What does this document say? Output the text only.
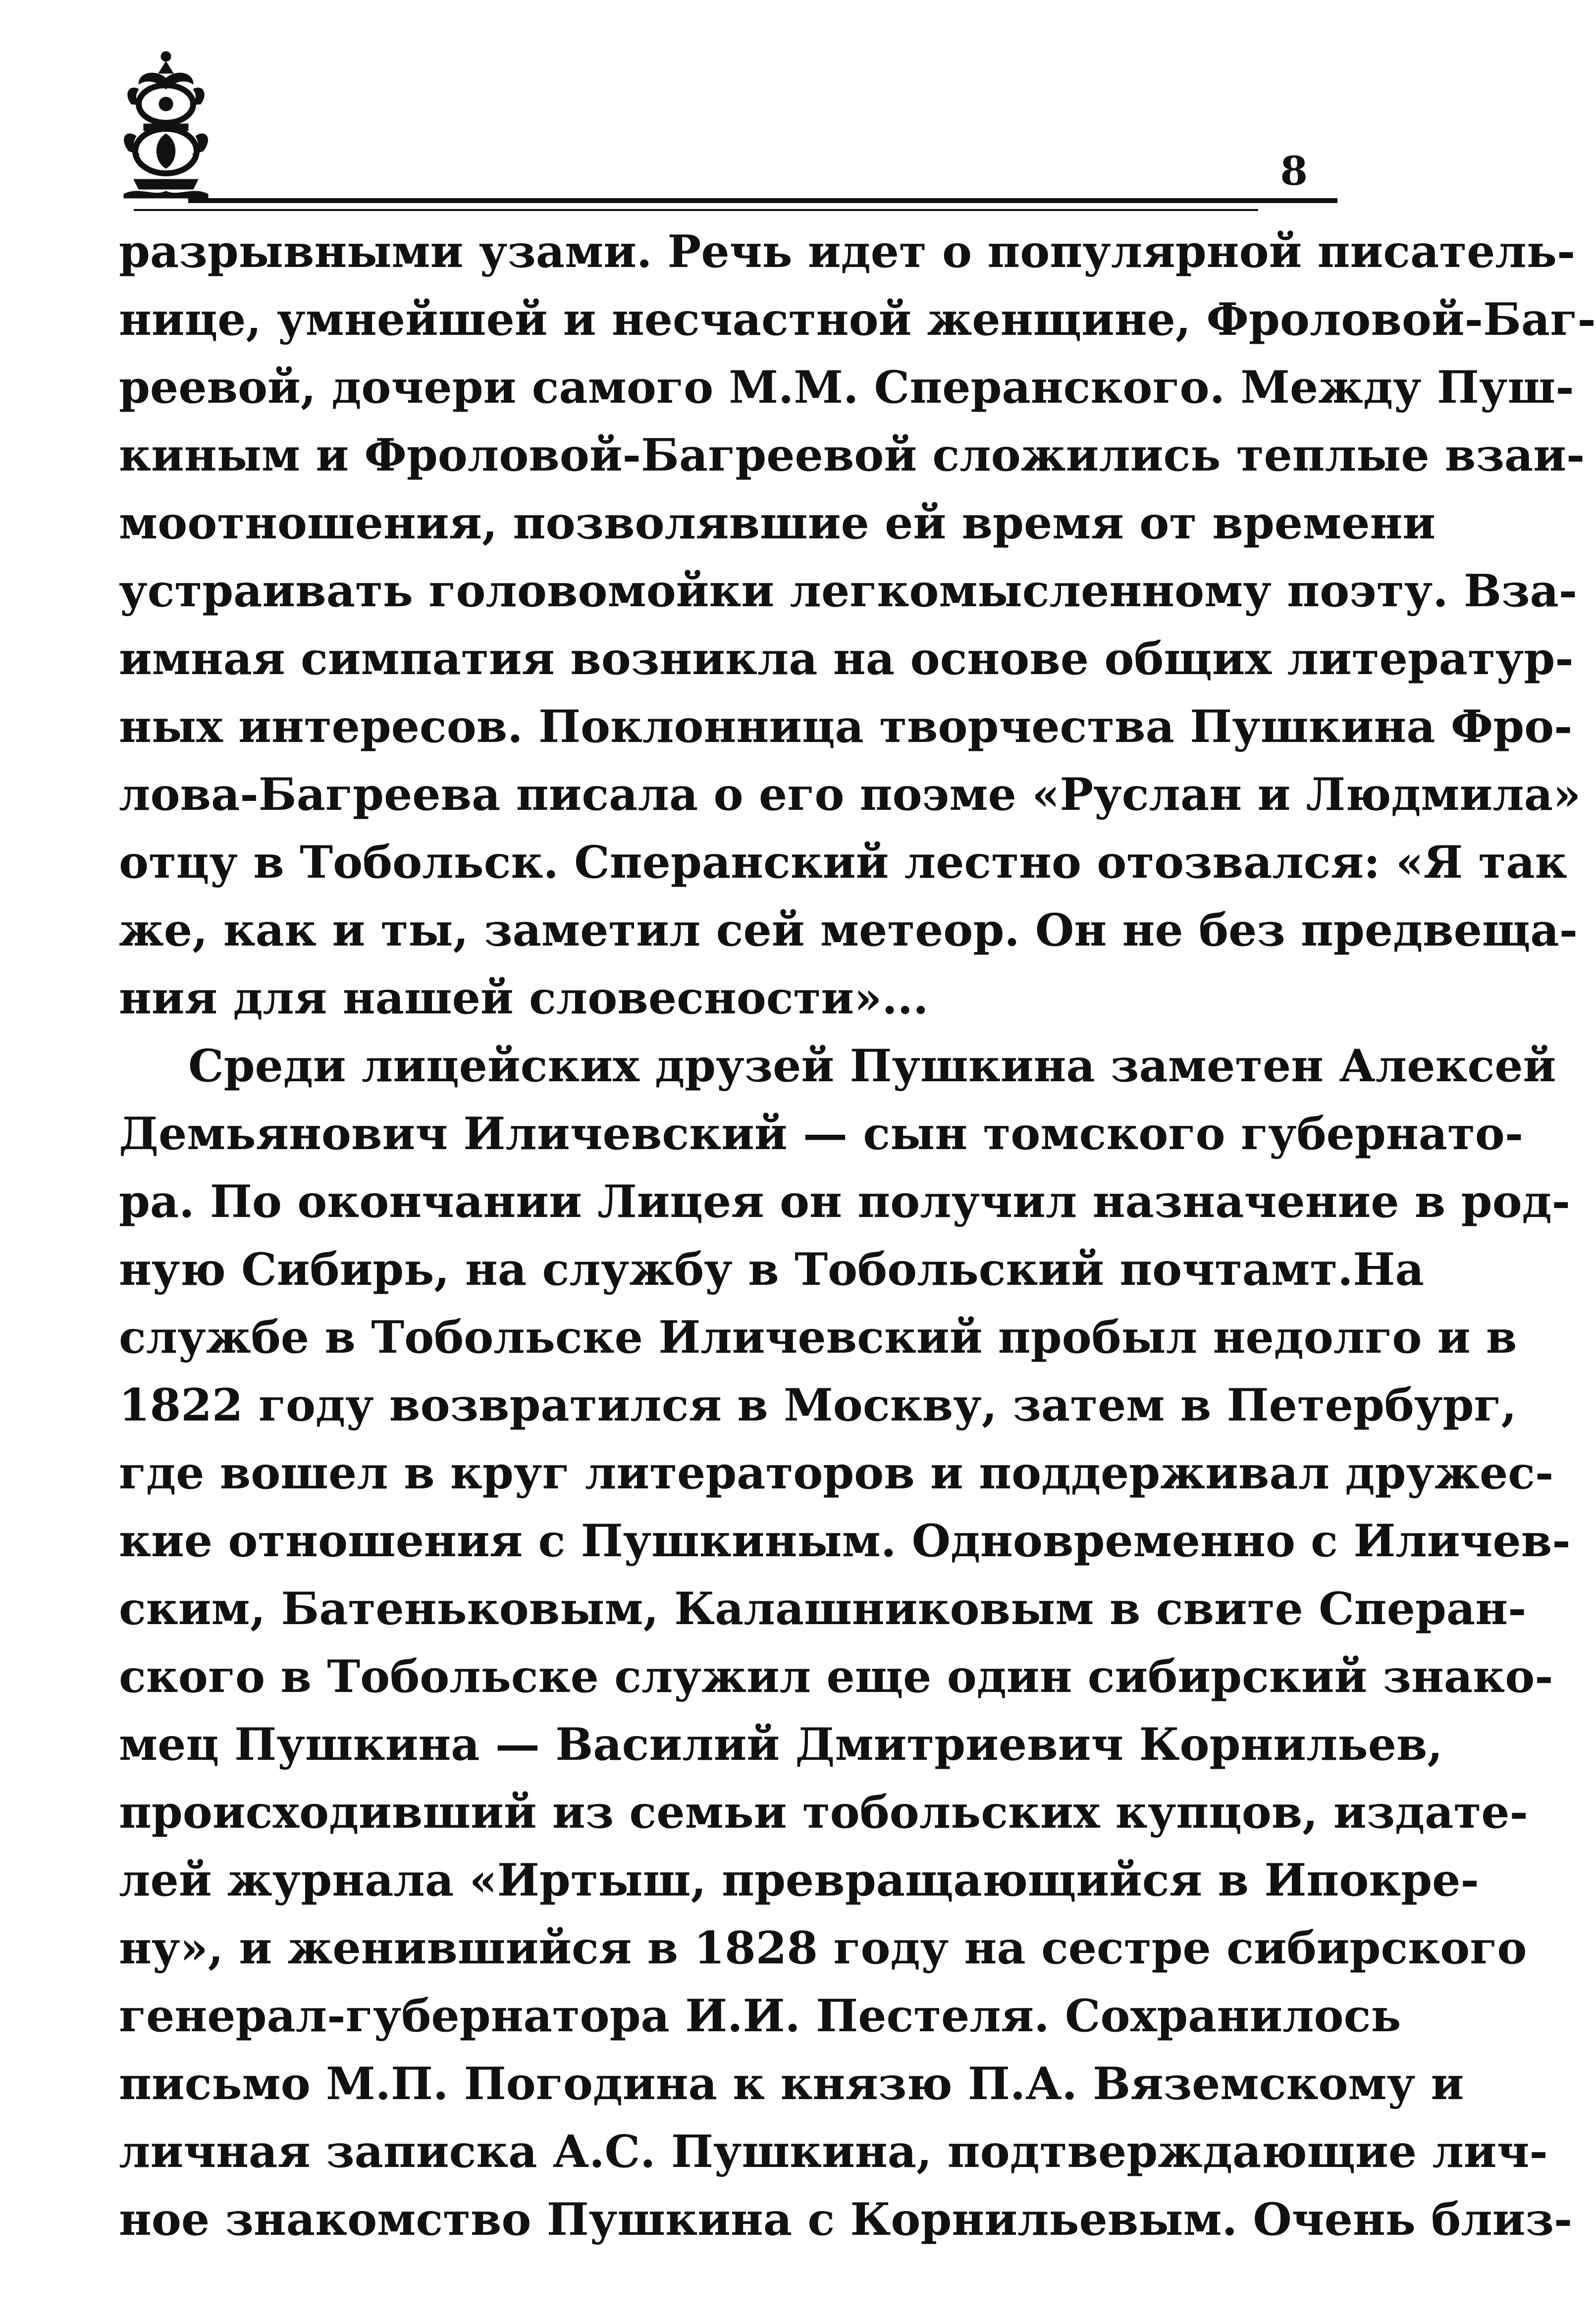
8

разрывными узами. Речь идет о популярной писатель-
нице, умнейшей и несчастной женщине, Фроловой-Баг-
реевой, дочери самого М.М. Сперанского. Между Пуш-
киным и Фроловой-Багреевой сложились теплые взаи-
моотношения, позволявшие ей время от времени
устраивать головомойки легкомысленному поэту. Вза-
имная симпатия возникла на основе общих литератур-
ных интересов. Поклонница творчества Пушкина Фро-
лова-Багреева писала о его поэме «Руслан и Людмила»
отцу в Тобольск. Сперанский лестно отозвался: «Я так
же, как и ты, заметил сей метеор. Он не без предвеща-
ния для нашей словесности»...

Среди лицейских друзей Пушкина заметен Алексей
Демьянович Иличевский — сын томского губернато-
ра. По окончании Лицея он получил назначение в род-
ную Сибирь, на службу в Тобольский почтамт.На
службе в Тобольске Иличевский пробыл недолго и в
1822 году возвратился в Москву, затем в Петербург,
где вошел в круг литераторов и поддерживал дружес-
кие отношения с Пушкиным. Одновременно с Иличев-
ским, Батеньковым, Калашниковым в свите Сперан-
ского в Тобольске служил еще один сибирский знако-
мец Пушкина — Василий Дмитриевич Корнильев,
происходивший из семьи тобольских купцов, издате-
лей журнала «Иртыш, превращающийся в Ипокре-
ну», и женившийся в 1828 году на сестре сибирского
генерал-губернатора И.И. Пестеля. Сохранилось
письмо М.П. Погодина к князю П.А. Вяземскому и
личная записка А.С. Пушкина, подтверждающие лич-
ное знакомство Пушкина с Корнильевым. Очень близ-
